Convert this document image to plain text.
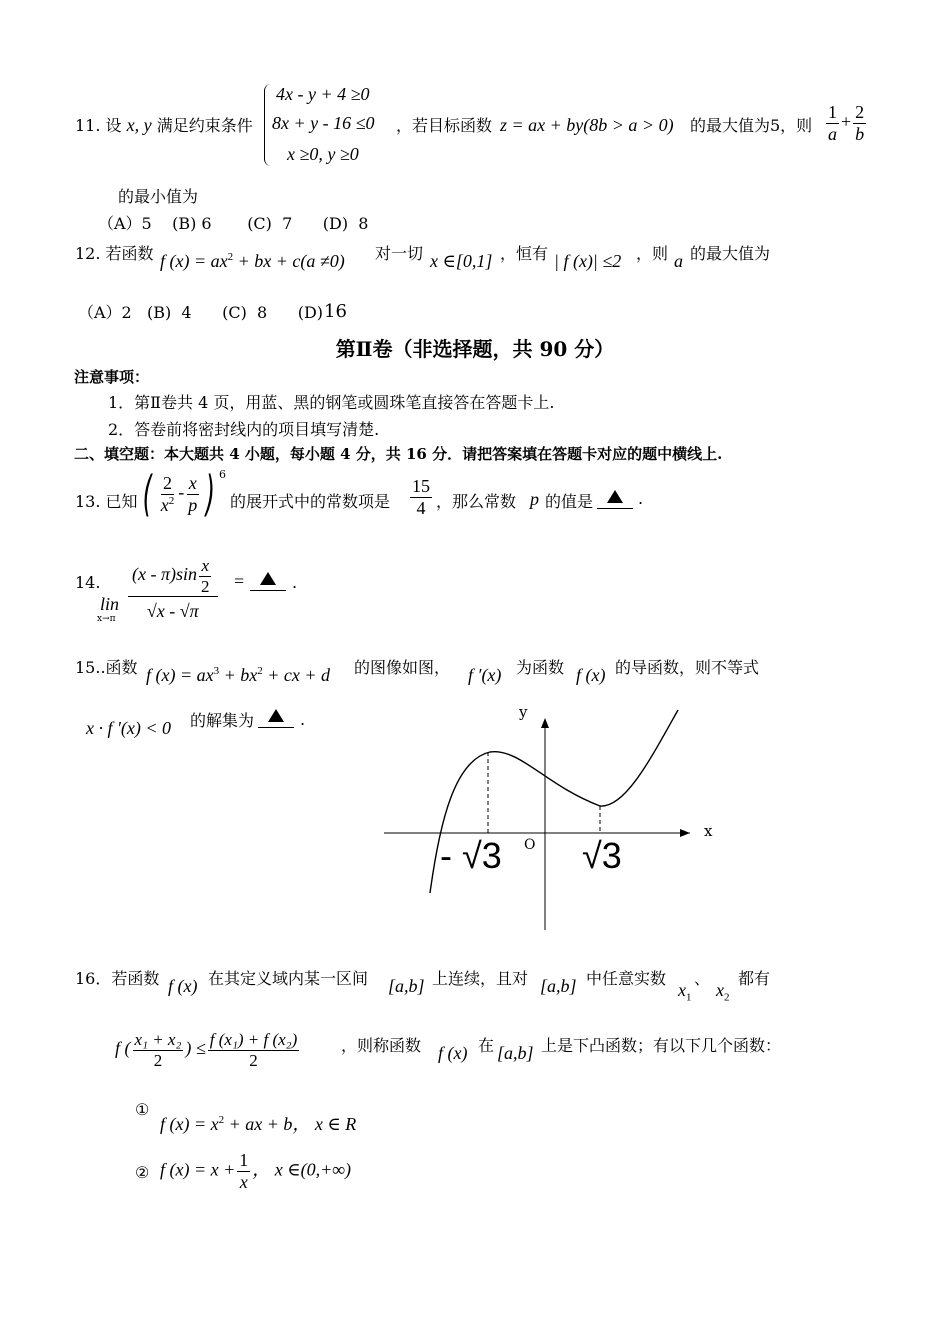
11. 设 x, y 满足约束条件
4x - y + 4 ≥0
8x + y - 16 ≤0
x ≥0, y ≥0
，若目标函数 z = ax + by(8b > a > 0) 的最大值为5，则 $\frac{1}{a} + \frac{2}{b}$
的最小值为
（A）5    (B) 6       (C)  7      (D)  8
12. 若函数 f $(x) = ax^2$ + bx + c(a ≠0) 对一切 x ∈[0,1] ，恒有 | f (x)| ≤2 ，则 a 的最大值为
（A）2   (B)  4      (C)  8      (D) 16
第Ⅱ卷（非选择题，共 90 分）
注意事项：
1．第Ⅱ卷共 4 页，用蓝、黑的钢笔或圆珠笔直接答在答题卡上.
2．答卷前将密封线内的项目填写清楚.
二、填空题：本大题共 4 小题，每小题 4 分，共 16 分．请把答案填在答题卡对应的题中横线上.
13. 已知 ( $\frac{2}{x^2} - \frac{x}{p}$ ) 6
的展开式中的常数项是 $\frac{15}{4}$ ，那么常数 p 的值是	.
14.
lin
$x\to\pi \frac{(x - \pi)\sin \frac{x}{2}}{√x - √\pi}$ =	.
15..函数 f $(x) = ax^3 + bx^2$ + cx + d 的图像如图， f ′(x) 为函数 f (x) 的导函数，则不等式
x · f ′(x) < 0 的解集为	.	y
x
O
- √3 √3
16．若函数 f (x) 在其定义域内某一区间 [a,b] 上连续，且对 [a,b] 中任意实数
$x_1$
、
$x_2$
都有
f ( $\frac{\text{x₁ + x₂}}{2}$ ) ≤ $\frac{\text{f (x₁) + f (x₂)}}{2}$	，则称函数 f (x) 在 [a,b] 上是下凸函数；有以下几个函数：
①
f $(x) = x^2$ + ax + b， x ∈ R
② f $(x) = x + \frac{1}{x}$ ， x ∈(0,+∞)
